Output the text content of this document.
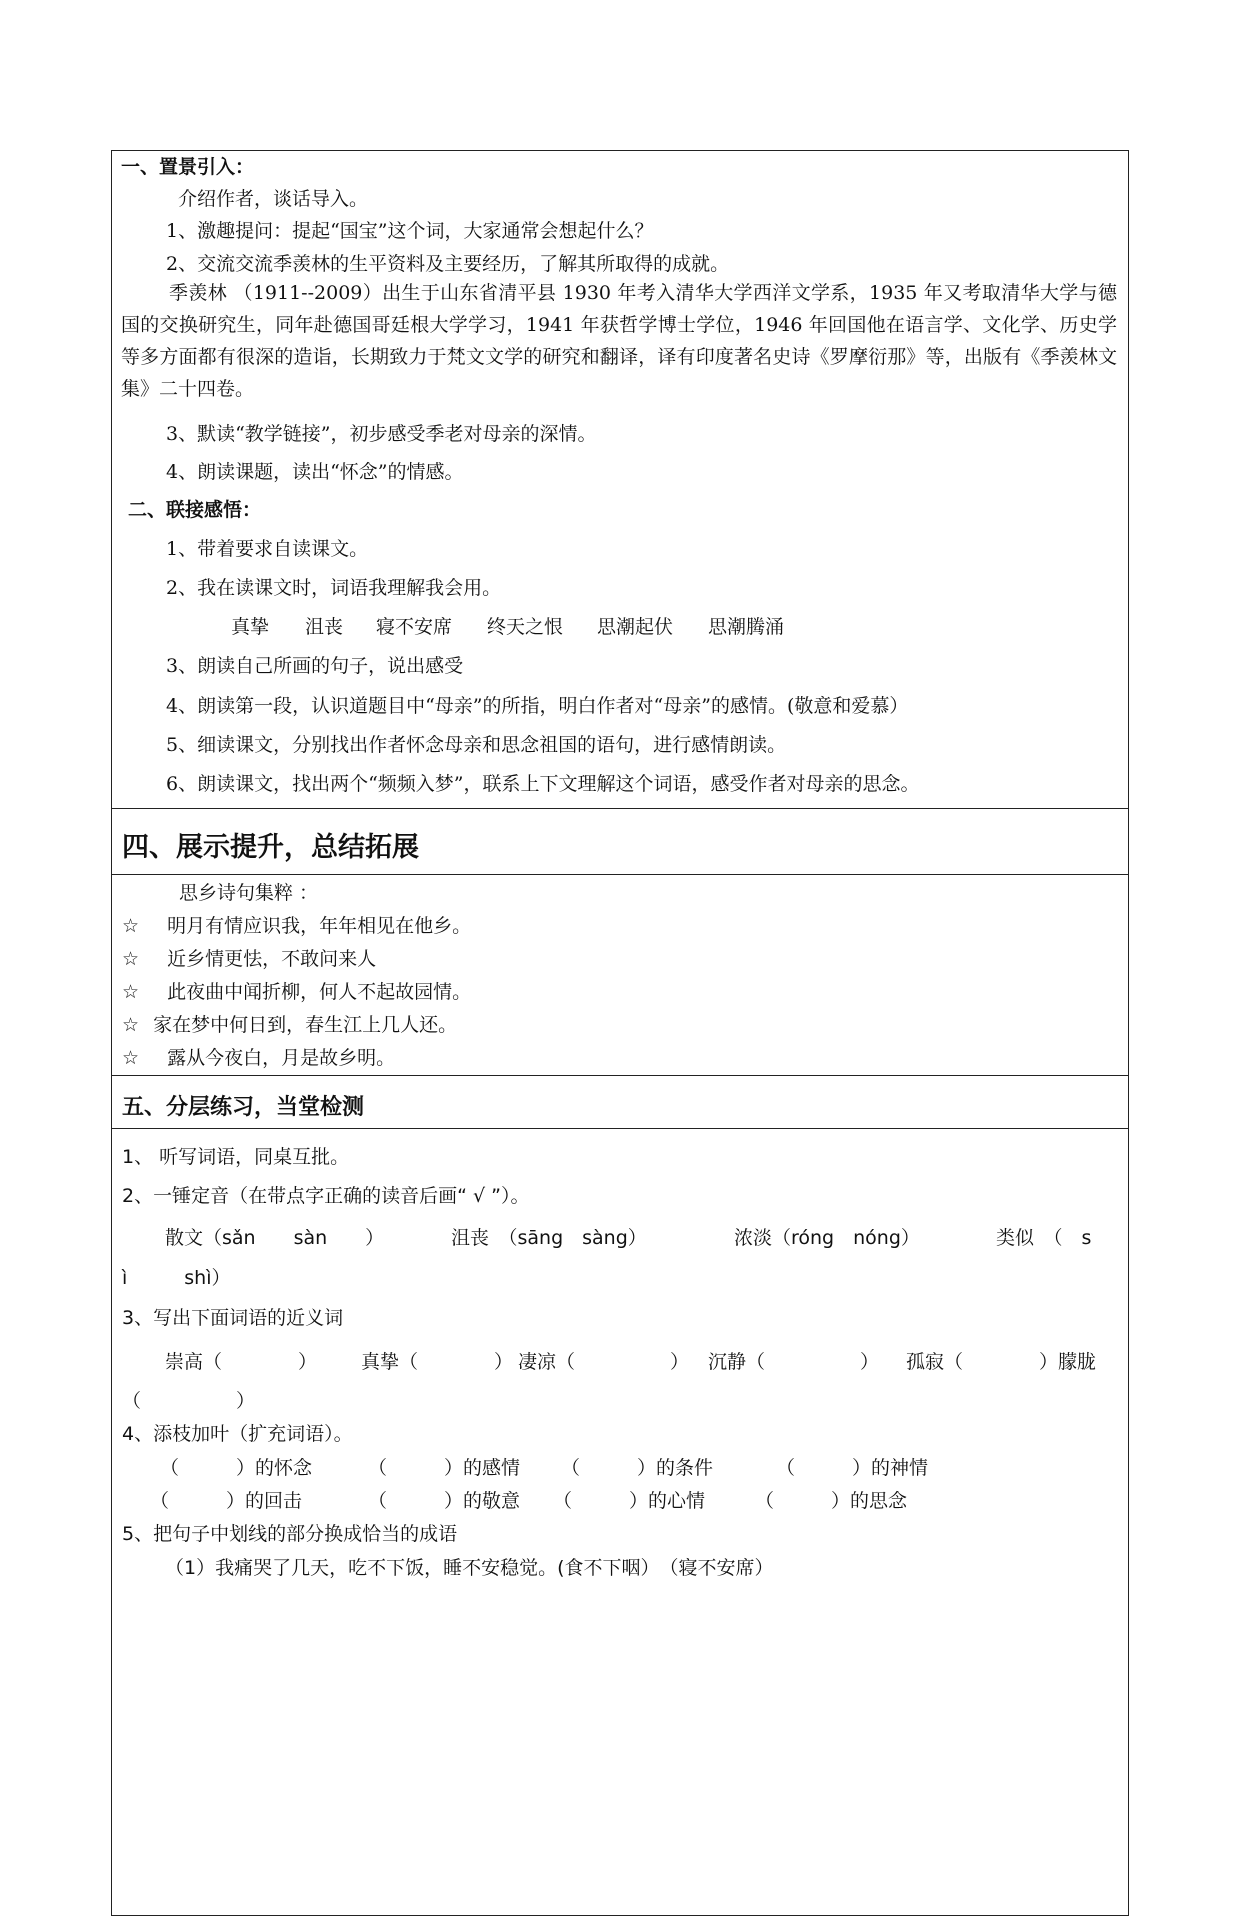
一、置景引入：
介绍作者，谈话导入。
1、激趣提问：提起“国宝”这个词，大家通常会想起什么？
2、交流交流季羡林的生平资料及主要经历，了解其所取得的成就。
季羡林 （1911--2009）出生于山东省清平县 1930 年考入清华大学西洋文学系，1935 年又考取清华大学与德国的交换研究生，同年赴德国哥廷根大学学习，1941 年获哲学博士学位，1946 年回国他在语言学、文化学、历史学等多方面都有很深的造诣，长期致力于梵文文学的研究和翻译，译有印度著名史诗《罗摩衍那》等，出版有《季羡林文集》二十四卷。
3、默读“教学链接”，初步感受季老对母亲的深情。
4、朗读课题，读出“怀念”的情感。
二、联接感悟：
1、带着要求自读课文。
2、我在读课文时，词语我理解我会用。
真挚 沮丧 寝不安席 终天之恨 思潮起伏 思潮腾涌
3、朗读自己所画的句子，说出感受
4、朗读第一段，认识道题目中“母亲”的所指，明白作者对“母亲”的感情。(敬意和爱慕）
5、细读课文，分别找出作者怀念母亲和思念祖国的语句，进行感情朗读。
6、朗读课文，找出两个“频频入梦”，联系上下文理解这个词语，感受作者对母亲的思念。
四、展示提升，总结拓展
思乡诗句集粹 ：
☆ 明月有情应识我，年年相见在他乡。
☆ 近乡情更怯，不敢问来人
☆ 此夜曲中闻折柳，何人不起故园情。
☆ 家在梦中何日到，春生江上几人还。
☆ 露从今夜白，月是故乡明。
五、分层练习，当堂检测
1、 听写词语，同桌互批。
2、一锤定音（在带点字正确的读音后画“ √ ”）。
散文（sǎn　　sàn　　）	沮丧　（sāng　sàng）	浓淡（róng　nóng）	类似　（　s
ì　　　shì）
3、写出下面词语的近义词
崇高（　　　　） 真挚（　　　　） 凄凉（　　　　　） 沉静（　　　　　） 孤寂（　　　　）朦胧
（　　　　　）
4、添枝加叶（扩充词语）。
（　　　）的怀念	（　　　）的感情 （　　　）的条件	（　　　）的神情
（　　　）的回击	（　　　）的敬意 （　　　）的心情	（　　　）的思念
5、把句子中划线的部分换成恰当的成语
（1）我痛哭了几天，吃不下饭，睡不安稳觉。(食不下咽）　（寝不安席）
